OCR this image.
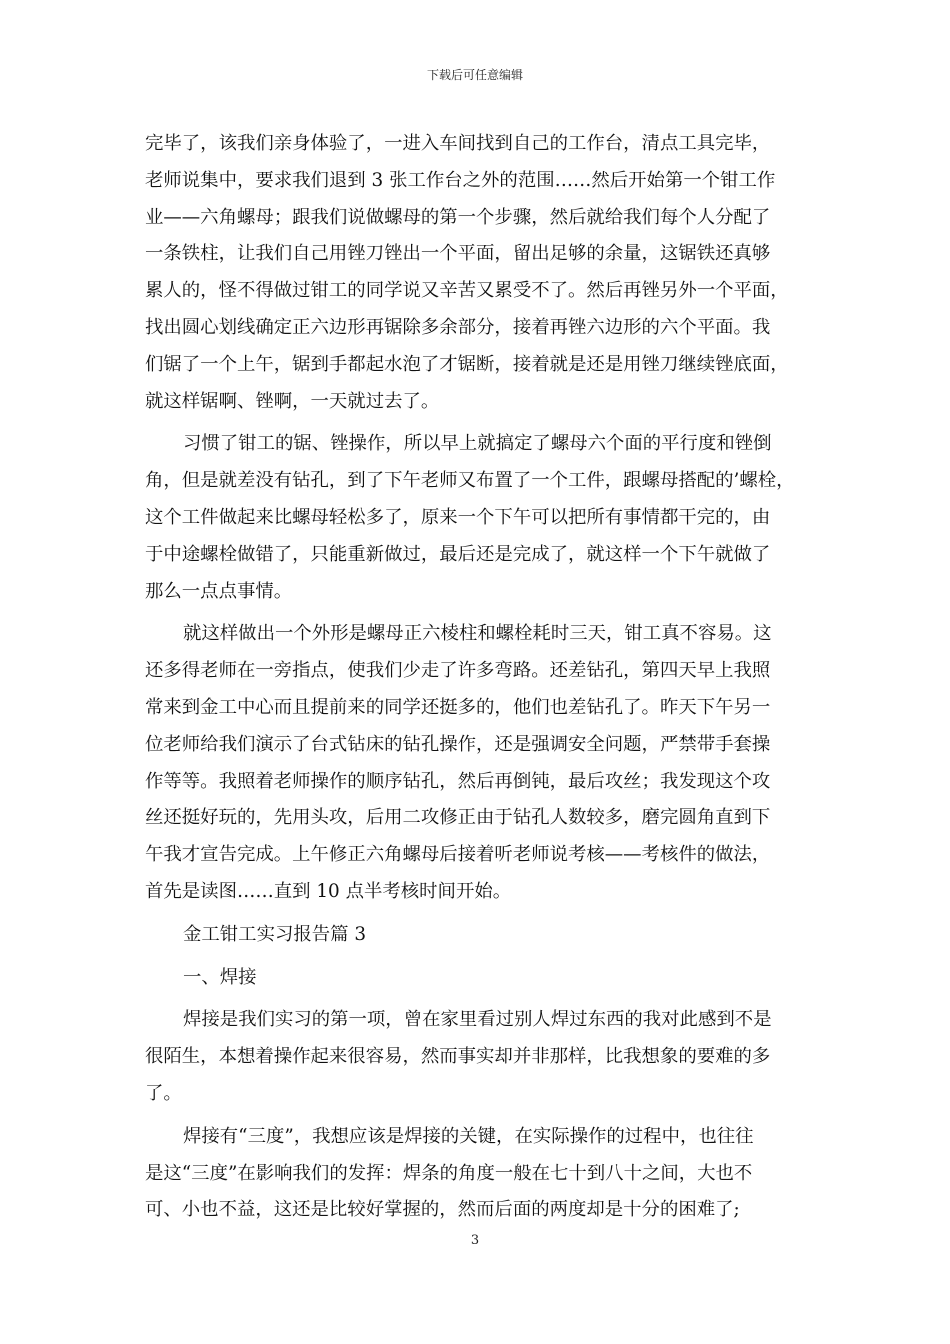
下载后可任意编辑
完毕了，该我们亲身体验了，一进入车间找到自己的工作台，清点工具完毕，
老师说集中，要求我们退到 3 张工作台之外的范围……然后开始第一个钳工作
业——六角螺母；跟我们说做螺母的第一个步骤，然后就给我们每个人分配了
一条铁柱，让我们自己用锉刀锉出一个平面，留出足够的余量，这锯铁还真够
累人的，怪不得做过钳工的同学说又辛苦又累受不了。然后再锉另外一个平面，
找出圆心划线确定正六边形再锯除多余部分，接着再锉六边形的六个平面。我
们锯了一个上午，锯到手都起水泡了才锯断，接着就是还是用锉刀继续锉底面，
就这样锯啊、锉啊，一天就过去了。
习惯了钳工的锯、锉操作，所以早上就搞定了螺母六个面的平行度和锉倒
角，但是就差没有钻孔，到了下午老师又布置了一个工件，跟螺母搭配的’螺栓，
这个工件做起来比螺母轻松多了，原来一个下午可以把所有事情都干完的，由
于中途螺栓做错了，只能重新做过，最后还是完成了，就这样一个下午就做了
那么一点点事情。
就这样做出一个外形是螺母正六棱柱和螺栓耗时三天，钳工真不容易。这
还多得老师在一旁指点，使我们少走了许多弯路。还差钻孔，第四天早上我照
常来到金工中心而且提前来的同学还挺多的，他们也差钻孔了。昨天下午另一
位老师给我们演示了台式钻床的钻孔操作，还是强调安全问题，严禁带手套操
作等等。我照着老师操作的顺序钻孔，然后再倒钝，最后攻丝；我发现这个攻
丝还挺好玩的，先用头攻，后用二攻修正由于钻孔人数较多，磨完圆角直到下
午我才宣告完成。上午修正六角螺母后接着听老师说考核——考核件的做法，
首先是读图……直到 10 点半考核时间开始。
金工钳工实习报告篇 3
一、焊接
焊接是我们实习的第一项，曾在家里看过别人焊过东西的我对此感到不是
很陌生，本想着操作起来很容易，然而事实却并非那样，比我想象的要难的多
了。
焊接有“三度”，我想应该是焊接的关键，在实际操作的过程中，也往往
是这“三度”在影响我们的发挥：焊条的角度一般在七十到八十之间，大也不
可、小也不益，这还是比较好掌握的，然而后面的两度却是十分的困难了;
3
